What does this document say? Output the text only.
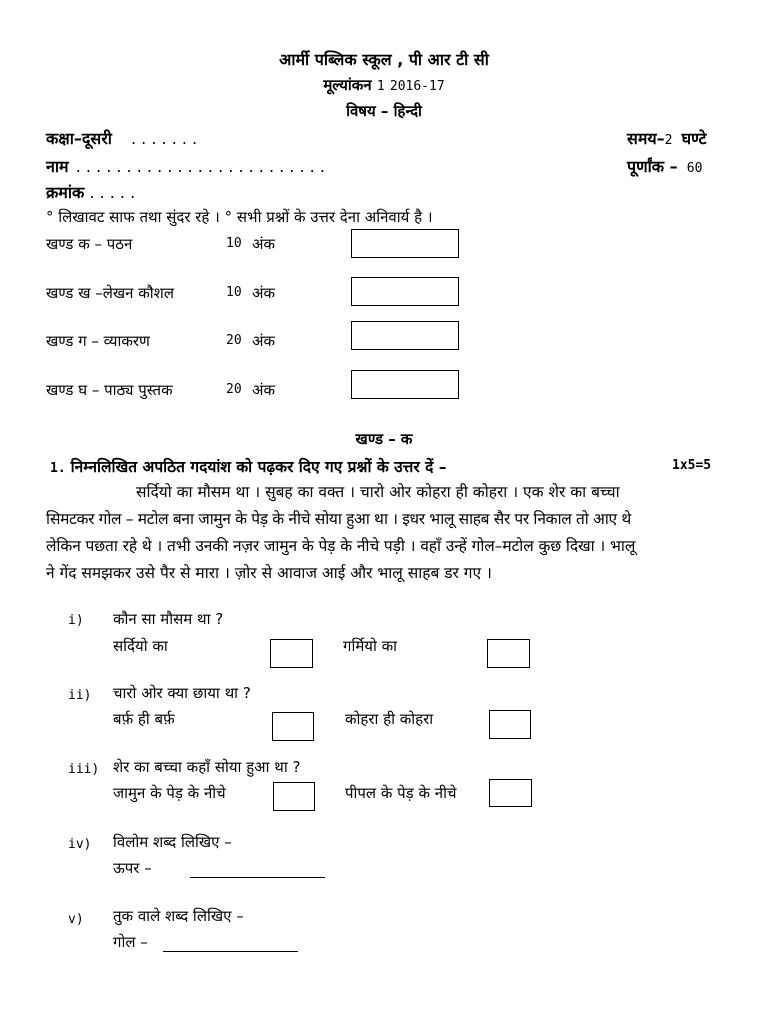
आर्मी पब्लिक स्कूल , पी आर टी सी
मूल्यांकन 1 2016-17
विषय – हिन्दी
कक्षा–दूसरी . . . . . . .
नाम . . . . . . . . . . . . . . . . . . . . . . . . .
क्रमांक . . . . .
समय–2 घण्टे
पूर्णांक – 60
° लिखावट साफ तथा सुंदर रहे । ° सभी प्रश्नों के उत्तर देना अनिवार्य है ।
खण्ड क – पठन	10 अंक
खण्ड ख –लेखन कौशल	10 अंक
खण्ड ग – व्याकरण	20 अंक
खण्ड घ – पाठ्य पुस्तक	20 अंक
खण्ड – क
1. निम्नलिखित अपठित गदयांश को पढ़कर दिए गए प्रश्नों के उत्तर दें –	1x5=5
सर्दियो का मौसम था । सुबह का वक्त । चारो ओर कोहरा ही कोहरा । एक शेर का बच्चा
सिमटकर गोल – मटोल बना जामुन के पेड़ के नीचे सोया हुआ था । इधर भालू साहब सैर पर निकाल तो आए थे
लेकिन पछता रहे थे । तभी उनकी नज़र जामुन के पेड़ के नीचे पड़ी । वहाँ उन्हें गोल–मटोल कुछ दिखा । भालू
ने गेंद समझकर उसे पैर से मारा । ज़ोर से आवाज आई और भालू साहब डर गए ।
i) कौन सा मौसम था ?
सर्दियो का	गर्मियो का
ii) चारो ओर क्या छाया था ?
बर्फ़ ही बर्फ़	कोहरा ही कोहरा
iii) शेर का बच्चा कहाँ सोया हुआ था ?
जामुन के पेड़ के नीचे	पीपल के पेड़ के नीचे
iv) विलोम शब्द लिखिए –
ऊपर –
v) तुक वाले शब्द लिखिए –
गोल –
